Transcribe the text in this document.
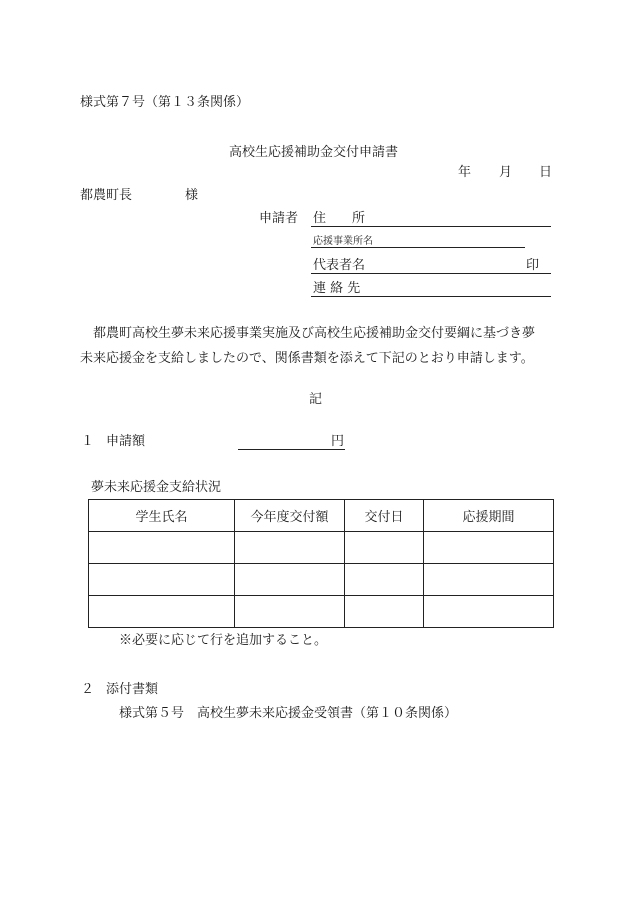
様式第７号（第１３条関係）
高校生応援補助金交付申請書
年 月 日
都農町長	様
申請者 住　　所
応援事業所名
代表者名	印
連 絡 先
都農町高校生夢未来応援事業実施及び高校生応援補助金交付要綱に基づき夢
未来応援金を支給しましたので、関係書類を添えて下記のとおり申請します。
記
１ 申請額	円
夢未来応援金支給状況
学生氏名	今年度交付額	交付日	応援期間

※必要に応じて行を追加すること。
２ 添付書類
様式第５号　高校生夢未来応援金受領書（第１０条関係）
